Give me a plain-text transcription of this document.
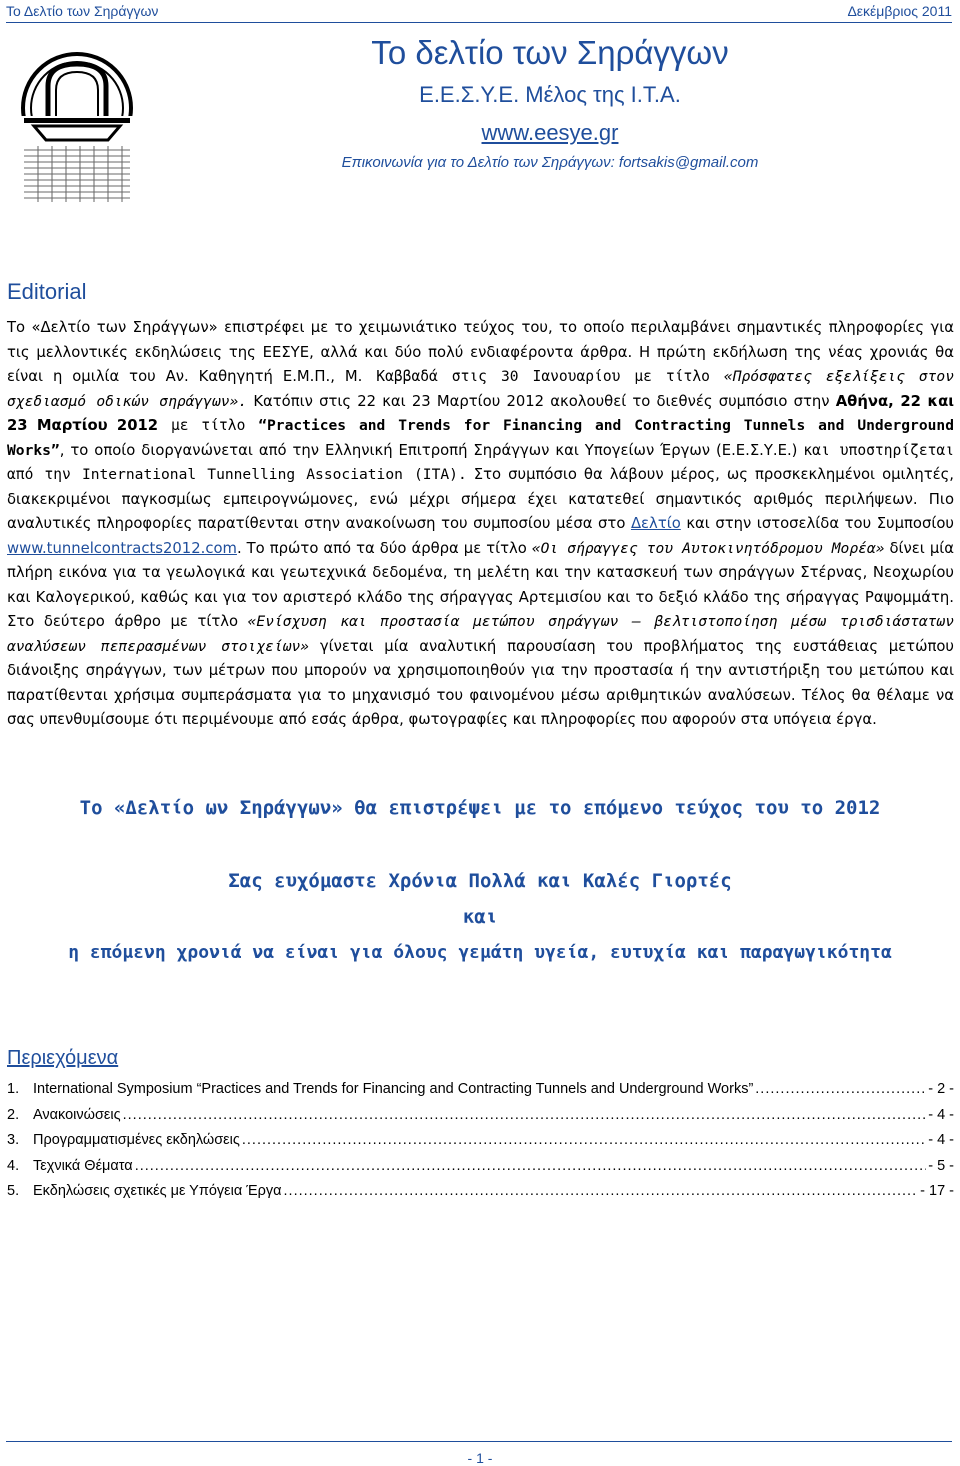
Το Δελτίο των Σηράγγων	Δεκέμβριος 2011
Το δελτίο των Σηράγγων
Ε.Ε.Σ.Υ.Ε. Μέλος της Ι.Τ.Α.
www.eesye.gr
Επικοινωνία για το Δελτίο των Σηράγγων: fortsakis@gmail.com
Editorial
Το «Δελτίο των Σηράγγων» επιστρέφει με το χειμωνιάτικο τεύχος του, το οποίο περιλαμβάνει σημαντικές πληροφορίες για τις μελλοντικές εκδηλώσεις της ΕΕΣΥΕ, αλλά και δύο πολύ ενδιαφέροντα άρθρα. Η πρώτη εκδήλωση της νέας χρονιάς θα είναι η ομιλία του Αν. Καθηγητή Ε.Μ.Π., Μ. Καββαδά στις 30 Ιανουαρίου με τίτλο «Πρόσφατες εξελίξεις στον σχεδιασμό οδικών σηράγγων». Κατόπιν στις 22 και 23 Μαρτίου 2012 ακολουθεί το διεθνές συμπόσιο στην Αθήνα, 22 και 23 Μαρτίου 2012 με τίτλο “Practices and Trends for Financing and Contracting Tunnels and Underground Works”, το οποίο διοργανώνεται από την Ελληνική Επιτροπή Σηράγγων και Υπογείων Έργων (Ε.Ε.Σ.Υ.Ε.) και υποστηρίζεται από την International Tunnelling Association (ITA). Στο συμπόσιο θα λάβουν μέρος, ως προσκεκλημένοι ομιλητές, διακεκριμένοι παγκοσμίως εμπειρογνώμονες, ενώ μέχρι σήμερα έχει κατατεθεί σημαντικός αριθμός περιλήψεων. Πιο αναλυτικές πληροφορίες παρατίθενται στην ανακοίνωση του συμποσίου μέσα στο Δελτίο και στην ιστοσελίδα του Συμποσίου www.tunnelcontracts2012.com. Το πρώτο από τα δύο άρθρα με τίτλο «Οι σήραγγες του Αυτοκινητόδρομου Μορέα» δίνει μία πλήρη εικόνα για τα γεωλογικά και γεωτεχνικά δεδομένα, τη μελέτη και την κατασκευή των σηράγγων Στέρνας, Νεοχωρίου και Καλογερικού, καθώς και για τον αριστερό κλάδο της σήραγγας Αρτεμισίου και το δεξιό κλάδο της σήραγγας Ραψομμάτη. Στο δεύτερο άρθρο με τίτλο «Ενίσχυση και προστασία μετώπου σηράγγων – βελτιστοποίηση μέσω τρισδιάστατων αναλύσεων πεπερασμένων στοιχείων» γίνεται μία αναλυτική παρουσίαση του προβλήματος της ευστάθειας μετώπου διάνοιξης σηράγγων, των μέτρων που μπορούν να χρησιμοποιηθούν για την προστασία ή την αντιστήριξη του μετώπου και παρατίθενται χρήσιμα συμπεράσματα για το μηχανισμό του φαινομένου μέσω αριθμητικών αναλύσεων. Τέλος θα θέλαμε να σας υπενθυμίσουμε ότι περιμένουμε από εσάς άρθρα, φωτογραφίες και πληροφορίες που αφορούν στα υπόγεια έργα.
Το «Δελτίο ων Σηράγγων» θα επιστρέψει με το επόμενο τεύχος του το 2012
Σας ευχόμαστε Χρόνια Πολλά και Καλές Γιορτές
και
η επόμενη χρονιά να είναι για όλους γεμάτη υγεία, ευτυχία και παραγωγικότητα
Περιεχόμενα
1. International Symposium “Practices and Trends for Financing and Contracting Tunnels and Underground Works” .....	- 2 -
2. Ανακοινώσεις .....	- 4 -
3. Προγραμματισμένες εκδηλώσεις .....	- 4 -
4. Τεχνικά Θέματα .....	- 5 -
5. Εκδηλώσεις σχετικές με Υπόγεια Έργα .....	- 17 -
- 1 -
